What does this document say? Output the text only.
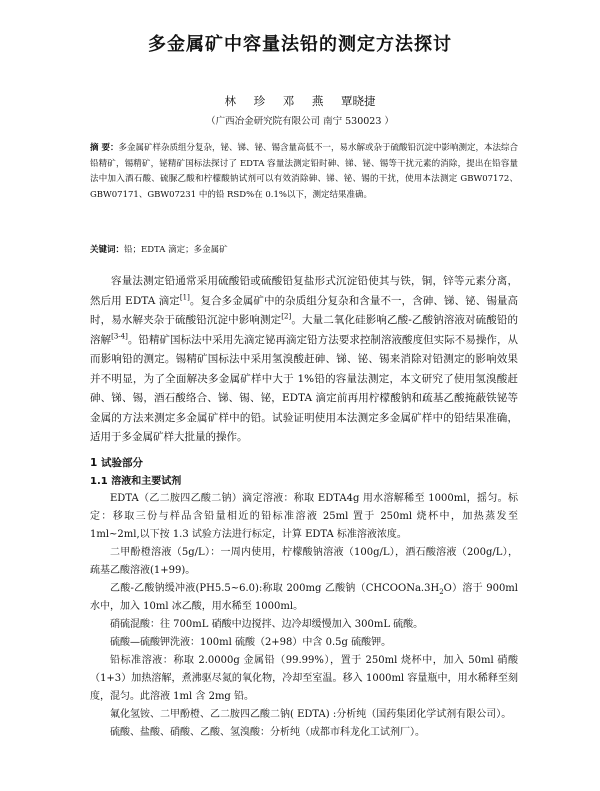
多金属矿中容量法铅的测定方法探讨
林 珍 邓 燕 覃晓捷
（广西冶金研究院有限公司 南宁 530023 ）
摘 要：多金属矿样杂质组分复杂，铋、锑、铋、锡含量高低不一，易水解或杂于硫酸铅沉淀中影响测定，本法综合铅精矿，锡精矿，铋精矿国标法探讨了 EDTA 容量法测定铅时砷、锑、铋、锡等干扰元素的消除，提出在铅容量法中加入酒石酸、硫脲乙酸和柠檬酸钠试剂可以有效消除砷、锑、铋、锡的干扰，使用本法测定 GBW07172、GBW07171、GBW07231 中的铅 RSD%在 0.1%以下，测定结果准确。
关键词：铅；EDTA 滴定；多金属矿

容量法测定铅通常采用硫酸铅或硫酸铅复盐形式沉淀铅使其与铁，铜，锌等元素分离，然后用 EDTA 滴定[1]。复合多金属矿中的杂质组分复杂和含量不一，含砷、锑、铋、锡量高时，易水解夹杂于硫酸铅沉淀中影响测定[2]。大量二氧化硅影响乙酸-乙酸钠溶液对硫酸铅的溶解[3-4]。铅精矿国标法中采用先滴定铋再滴定铅方法要求控制溶液酸度但实际不易操作，从而影响铅的测定。锡精矿国标法中采用氢溴酸赶砷、锑、铋、锡来消除对铅测定的影响效果并不明显，为了全面解决多金属矿样中大于 1%铅的容量法测定，本文研究了使用氢溴酸赶砷、锑、锡，酒石酸络合、锑、锡、铋，EDTA 滴定前再用柠檬酸钠和疏基乙酸掩蔽铁铋等金属的方法来测定多金属矿样中的铅。试验证明使用本法测定多金属矿样中的铅结果准确，适用于多金属矿样大批量的操作。

1 试验部分
1.1 溶液和主要试剂

EDTA（乙二胺四乙酸二钠）滴定溶液：称取 EDTA4g 用水溶解稀至 1000ml，摇匀。标定：移取三份与样品含铅量相近的铅标准溶液 25ml 置于 250ml 烧杯中，加热蒸发至 1ml~2ml,以下按 1.3 试验方法进行标定，计算 EDTA 标准溶液浓度。

二甲酚橙溶液（5g/L）：一周内使用，柠檬酸钠溶液（100g/L），酒石酸溶液（200g/L），疏基乙酸溶液(1+99)。

乙酸-乙酸钠缓冲液(PH5.5~6.0):称取 200mg 乙酸钠$(CHCOONa.3H_2O)$溶于 900ml 水中，加入 10ml 冰乙酸，用水稀至 1000ml。

硝硫混酸：往 700mL 硝酸中边搅拌、边冷却缓慢加入 300mL 硫酸。

硫酸—硫酸钾洗液：100ml 硫酸（2+98）中含 0.5g 硫酸钾。

铅标准溶液：称取 2.0000g 金属铅（99.99%），置于 250ml 烧杯中，加入 50ml 硝酸（1+3）加热溶解，煮沸驱尽氮的氧化物，冷却至室温。移入 1000ml 容量瓶中，用水稀释至刻度，混匀。此溶液 1ml 含 2mg 铅。

氟化氢铵、二甲酚橙、乙二胺四乙酸二钠( EDTA) :分析纯（国药集团化学试剂有限公司）。

硫酸、盐酸、硝酸、乙酸、氢溴酸：分析纯（成都市科龙化工试剂厂）。
